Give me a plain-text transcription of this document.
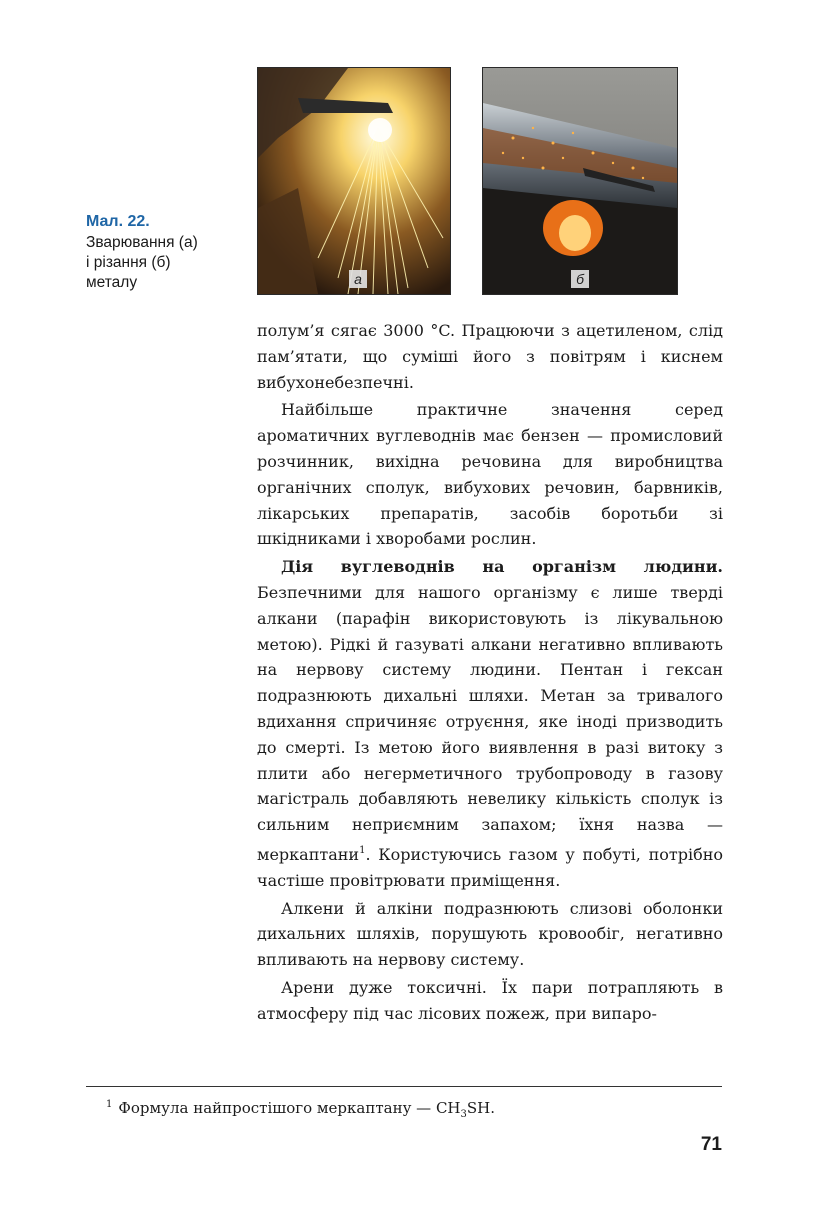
Мал. 22.
Зварювання (а)
і різання (б)
металу	а	б

полум’я сягає 3000 °C. Працюючи з ацетиленом, слід пам’ятати, що суміші його з повітрям і киснем вибухонебезпечні.

Найбільше практичне значення серед ароматичних вуглеводнів має бензен — промисловий розчинник, вихідна речовина для виробництва органічних сполук, вибухових речовин, барвників, лікарських препаратів, засобів боротьби зі шкідниками і хворобами рослин.

Дія вуглеводнів на організм людини. Безпечними для нашого організму є лише тверді алкани (парафін використовують із лікувальною метою). Рідкі й газуваті алкани негативно впливають на нервову систему людини. Пентан і гексан подразнюють дихальні шляхи. Метан за тривалого вдихання спричиняє отруєння, яке іноді призводить до смерті. Із метою його виявлення в разі витоку з плити або негерметичного трубопроводу в газову магістраль добавляють невелику кількість сполук із сильним неприємним запахом; їхня назва — меркаптани$^1$. Користуючись газом у побуті, потрібно частіше провітрювати приміщення.

Алкени й алкіни подразнюють слизові оболонки дихальних шляхів, порушують кровообіг, негативно впливають на нервову систему.

Арени дуже токсичні. Їх пари потрапляють в атмосферу під час лісових пожеж, при випаро-

$^1$ Формула найпростішого меркаптану — $CH_3SH$.
71
